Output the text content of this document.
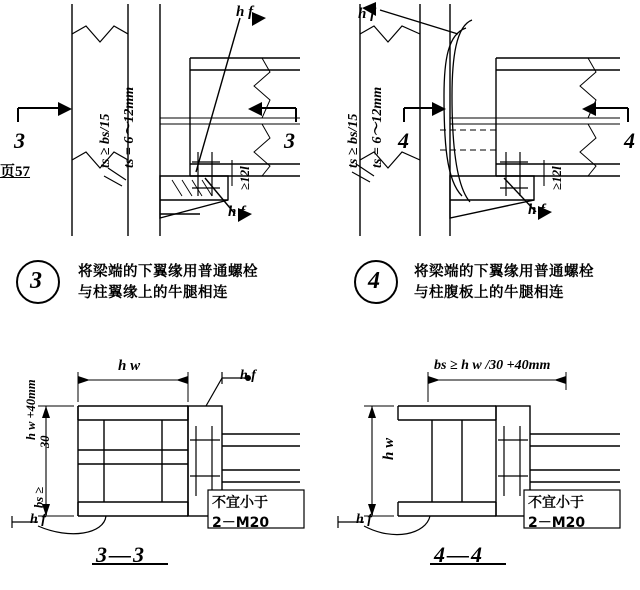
h f
h f
3	3
页57
ts ≥ bs/15 ts = 6～12mm
≥12l
h f
h f
4	4
ts ≥ bs/15 ts = 6～12mm
≥12l
3 将梁端的下翼缘用普通螺栓与柱翼缘上的牛腿相连	4 将梁端的下翼缘用普通螺栓与柱腹板上的牛腿相连
h w
h w +40mm
30
bs ≥
h f
h f
不宜小于
2－M20
3—3
bs ≥ h w /30 +40mm
h w
h f
不宜小于
2－M20
4—4
